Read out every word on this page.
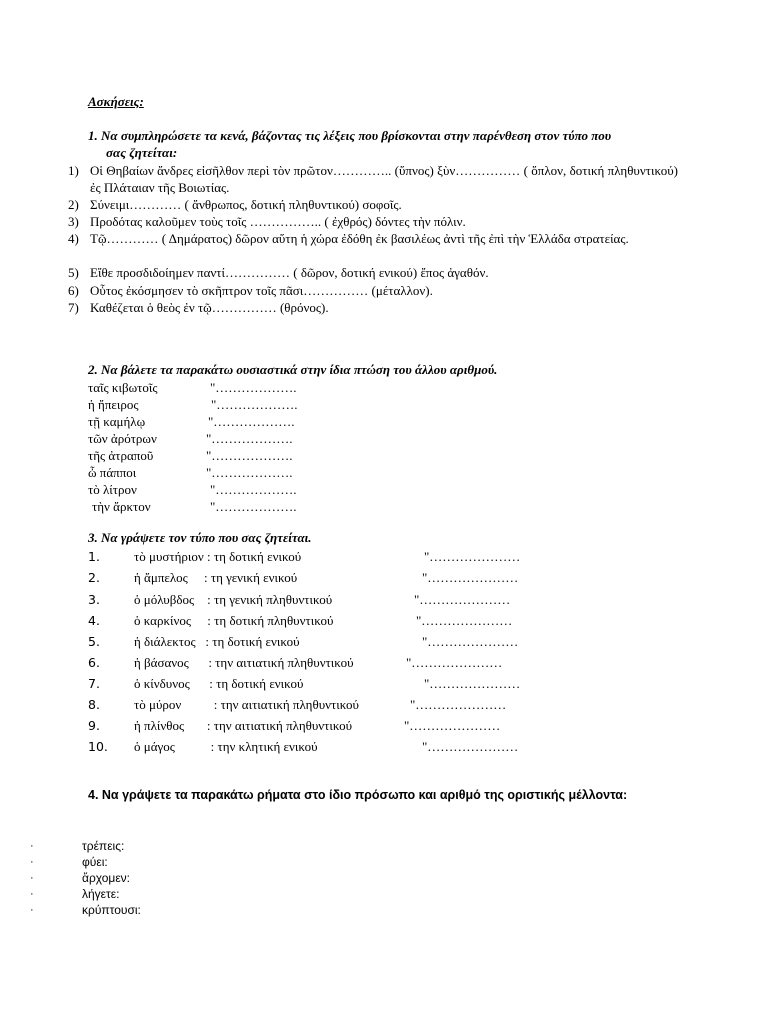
Ασκήσεις:
1. Να συμπληρώσετε τα κενά, βάζοντας τις λέξεις που βρίσκονται στην παρένθεση στον τύπο που
σας ζητείται:
1) Οἱ Θηβαίων ἄνδρες εἰσῆλθον περὶ τὸν πρῶτον………….. (ὕπνος) ξὺν…………… ( ὅπλον, δοτική πληθυντικού) ἐς Πλάταιαν τῆς Βοιωτίας.
2) Σύνειμι………… ( ἄνθρωπος, δοτική πληθυντικού) σοφοῖς.
3) Προδότας καλοῦμεν τοὺς τοῖς …………….. ( ἐχθρός) δόντες τὴν πόλιν.
4) Τῷ………… ( Δημάρατος) δῶρον αὕτη ἡ χώρα ἐδόθη ἐκ βασιλέως ἀντὶ τῆς ἐπὶ τὴν Ἑλλάδα στρατείας.
5) Εἴθε προσδιδοίημεν παντί…………… ( δῶρον, δοτική ενικού) ἔπος ἀγαθόν.
6) Οὗτος ἐκόσμησεν τὸ σκῆπτρον τοῖς πᾶσι…………… (μέταλλον).
7) Καθέζεται ὁ θεὸς ἐν τῷ…………… (θρόνος).
2. Να βάλετε τα παρακάτω ουσιαστικά στην ίδια πτώση του άλλου αριθμού.
ταῖς κιβωτοῖς	"……………….
ἡ ἤπειρος	"……………….
τῇ καμήλῳ	"……………….
τῶν ἀρότρων	"……………….
τῆς ἀτραποῦ	"……………….
ὦ πάπποι	"……………….
τὸ λίτρον	"……………….
τὴν ἄρκτον	"……………….
3. Να γράψετε τον τύπο που σας ζητείται.
1.	τὸ μυστήριον : τη δοτική ενικού	"…………………
2.	ἡ ἄμπελος     : τη γενική ενικού	"…………………
3.	ὁ μόλυβδος    : τη γενική πληθυντικού	"…………………
4.	ὁ καρκίνος     : τη δοτική πληθυντικού	"…………………
5.	ἡ διάλεκτος   : τη δοτική ενικού	"…………………
6.	ἡ βάσανος      : την αιτιατική πληθυντικού	"…………………
7.	ὁ κίνδυνος      : τη δοτική ενικού	"…………………
8.	τὸ μύρον          : την αιτιατική πληθυντικού	"…………………
9.	ἡ πλίνθος       : την αιτιατική πληθυντικού	"…………………
10. ὁ μάγος           : την κλητική ενικού	"…………………
4. Να γράψετε τα παρακάτω ρήματα στο ίδιο πρόσωπο και αριθμό της οριστικής μέλλοντα:
·	τρέπεις:
·	φύει:
·	ἄρχομεν:
·	λήγετε:
·	κρύπτουσι:
